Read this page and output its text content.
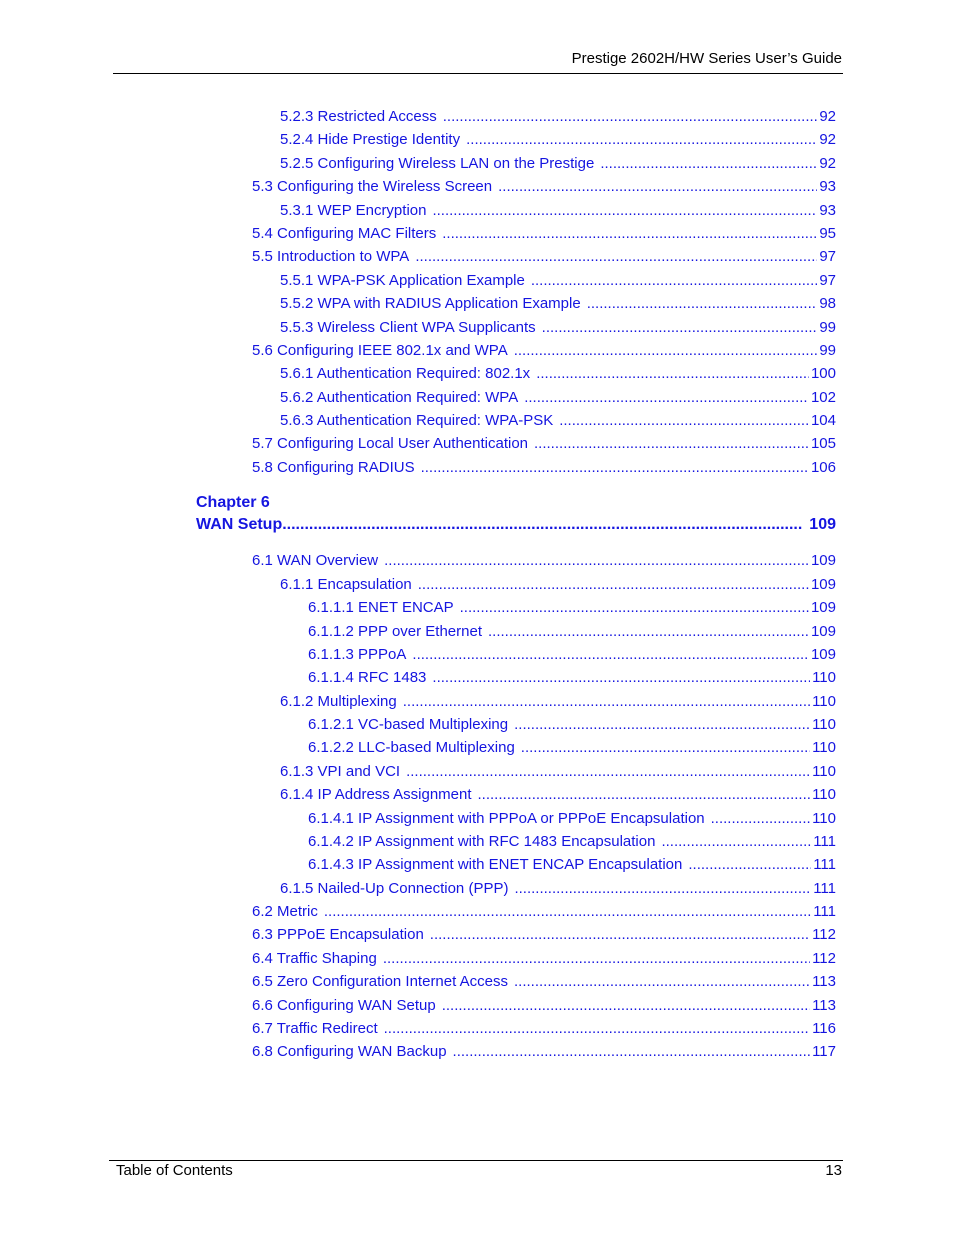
Prestige 2602H/HW Series User’s Guide
5.2.3 Restricted Access .....	92
5.2.4 Hide Prestige Identity .....	92
5.2.5 Configuring Wireless LAN on the Prestige .....	92
5.3 Configuring the Wireless Screen .....	93
5.3.1 WEP Encryption .....	93
5.4 Configuring MAC Filters .....	95
5.5 Introduction to WPA .....	97
5.5.1 WPA-PSK Application Example .....	97
5.5.2 WPA with RADIUS Application Example .....	98
5.5.3 Wireless Client WPA Supplicants .....	99
5.6 Configuring IEEE 802.1x and WPA .....	99
5.6.1 Authentication Required: 802.1x .....	100
5.6.2 Authentication Required: WPA .....	102
5.6.3 Authentication Required: WPA-PSK .....	104
5.7 Configuring Local User Authentication .....	105
5.8 Configuring RADIUS .....	106
Chapter 6
WAN Setup .....	109
6.1 WAN Overview .....	109
6.1.1 Encapsulation .....	109
6.1.1.1 ENET ENCAP .....	109
6.1.1.2 PPP over Ethernet .....	109
6.1.1.3 PPPoA .....	109
6.1.1.4 RFC 1483 .....	110
6.1.2 Multiplexing .....	110
6.1.2.1 VC-based Multiplexing .....	110
6.1.2.2 LLC-based Multiplexing .....	110
6.1.3 VPI and VCI .....	110
6.1.4 IP Address Assignment .....	110
6.1.4.1 IP Assignment with PPPoA or PPPoE Encapsulation .....	110
6.1.4.2 IP Assignment with RFC 1483 Encapsulation .....	111
6.1.4.3 IP Assignment with ENET ENCAP Encapsulation .....	111
6.1.5 Nailed-Up Connection (PPP) .....	111
6.2 Metric .....	111
6.3 PPPoE Encapsulation .....	112
6.4 Traffic Shaping .....	112
6.5 Zero Configuration Internet Access .....	113
6.6 Configuring WAN Setup .....	113
6.7 Traffic Redirect .....	116
6.8 Configuring WAN Backup .....	117
Table of Contents	13
